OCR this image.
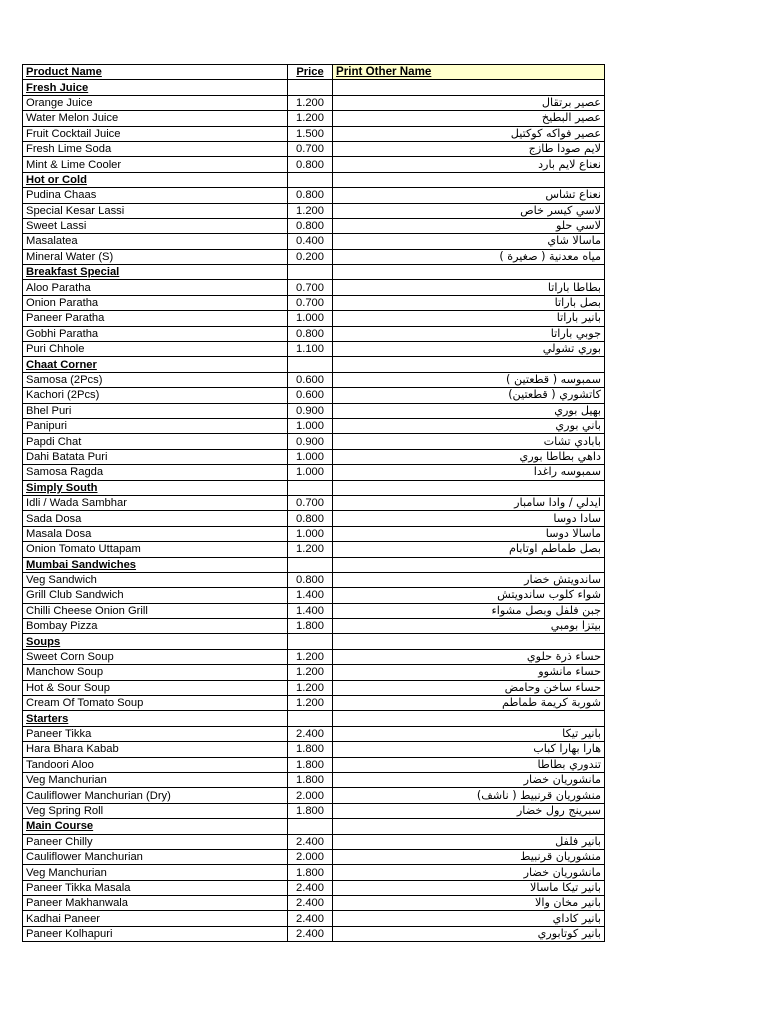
Product Name	Price	Print Other Name
Fresh Juice		
Orange Juice	1.200	عصير برتقال
Water Melon Juice	1.200	عصير البطيخ
Fruit Cocktail Juice	1.500	عصير فواكه كوكتيل
Fresh Lime Soda	0.700	لايم صودا طازج
Mint & Lime Cooler	0.800	نعناع لايم بارد
Hot or Cold		
Pudina Chaas	0.800	نعناع تشاس
Special Kesar Lassi	1.200	لاسي كيسر خاص
Sweet Lassi	0.800	لاسي حلو
Masalatea	0.400	ماسالا شاي
Mineral Water (S)	0.200	مياه معدنية ( صغيرة )
Breakfast Special		
Aloo Paratha	0.700	بطاطا باراتا
Onion Paratha	0.700	بصل باراتا
Paneer Paratha	1.000	بانير باراتا
Gobhi Paratha	0.800	جوبي باراتا
Puri Chhole	1.100	بوري تشولي
Chaat Corner		
Samosa (2Pcs)	0.600	سمبوسه ( قطعتين )
Kachori (2Pcs)	0.600	كاتشوري ( قطعتين)
Bhel Puri	0.900	بهيل بوري
Panipuri	1.000	باني بوري
Papdi Chat	0.900	بابادي تشات
Dahi Batata Puri	1.000	داهي بطاطا بوري
Samosa Ragda	1.000	سمبوسه راغدا
Simply South		
Idli / Wada Sambhar	0.700	ايدلي / وادا سامبار
Sada Dosa	0.800	سادا دوسا
Masala Dosa	1.000	ماسالا دوسا
Onion Tomato Uttapam	1.200	بصل طماطم اوتابام
Mumbai Sandwiches		
Veg Sandwich	0.800	ساندويتش خضار
Grill Club Sandwich	1.400	شواء كلوب ساندويتش
Chilli Cheese Onion Grill	1.400	جبن فلفل وبصل مشواء
Bombay Pizza	1.800	بيتزا بومبي
Soups		
Sweet Corn Soup	1.200	حساء ذرة حلوي
Manchow Soup	1.200	حساء مانشوو
Hot & Sour Soup	1.200	حساء ساخن وحامض
Cream Of Tomato Soup	1.200	شوربة كريمة طماطم
Starters		
Paneer Tikka	2.400	بانير تيكا
Hara Bhara Kabab	1.800	هارا بهارا كباب
Tandoori Aloo	1.800	تندوري بطاطا
Veg Manchurian	1.800	مانشوريان خضار
Cauliflower Manchurian (Dry)	2.000	منشوريان قرنبيط ( ناشف)
Veg Spring Roll	1.800	سبرينج رول خضار
Main Course		
Paneer Chilly	2.400	بانير فلفل
Cauliflower Manchurian	2.000	منشوريان قرنبيط
Veg Manchurian	1.800	مانشوريان خضار
Paneer Tikka Masala	2.400	بانير تيكا ماسالا
Paneer Makhanwala	2.400	بانير مخان والا
Kadhai Paneer	2.400	بانير كاداي
Paneer Kolhapuri	2.400	بانير كوتابوري
